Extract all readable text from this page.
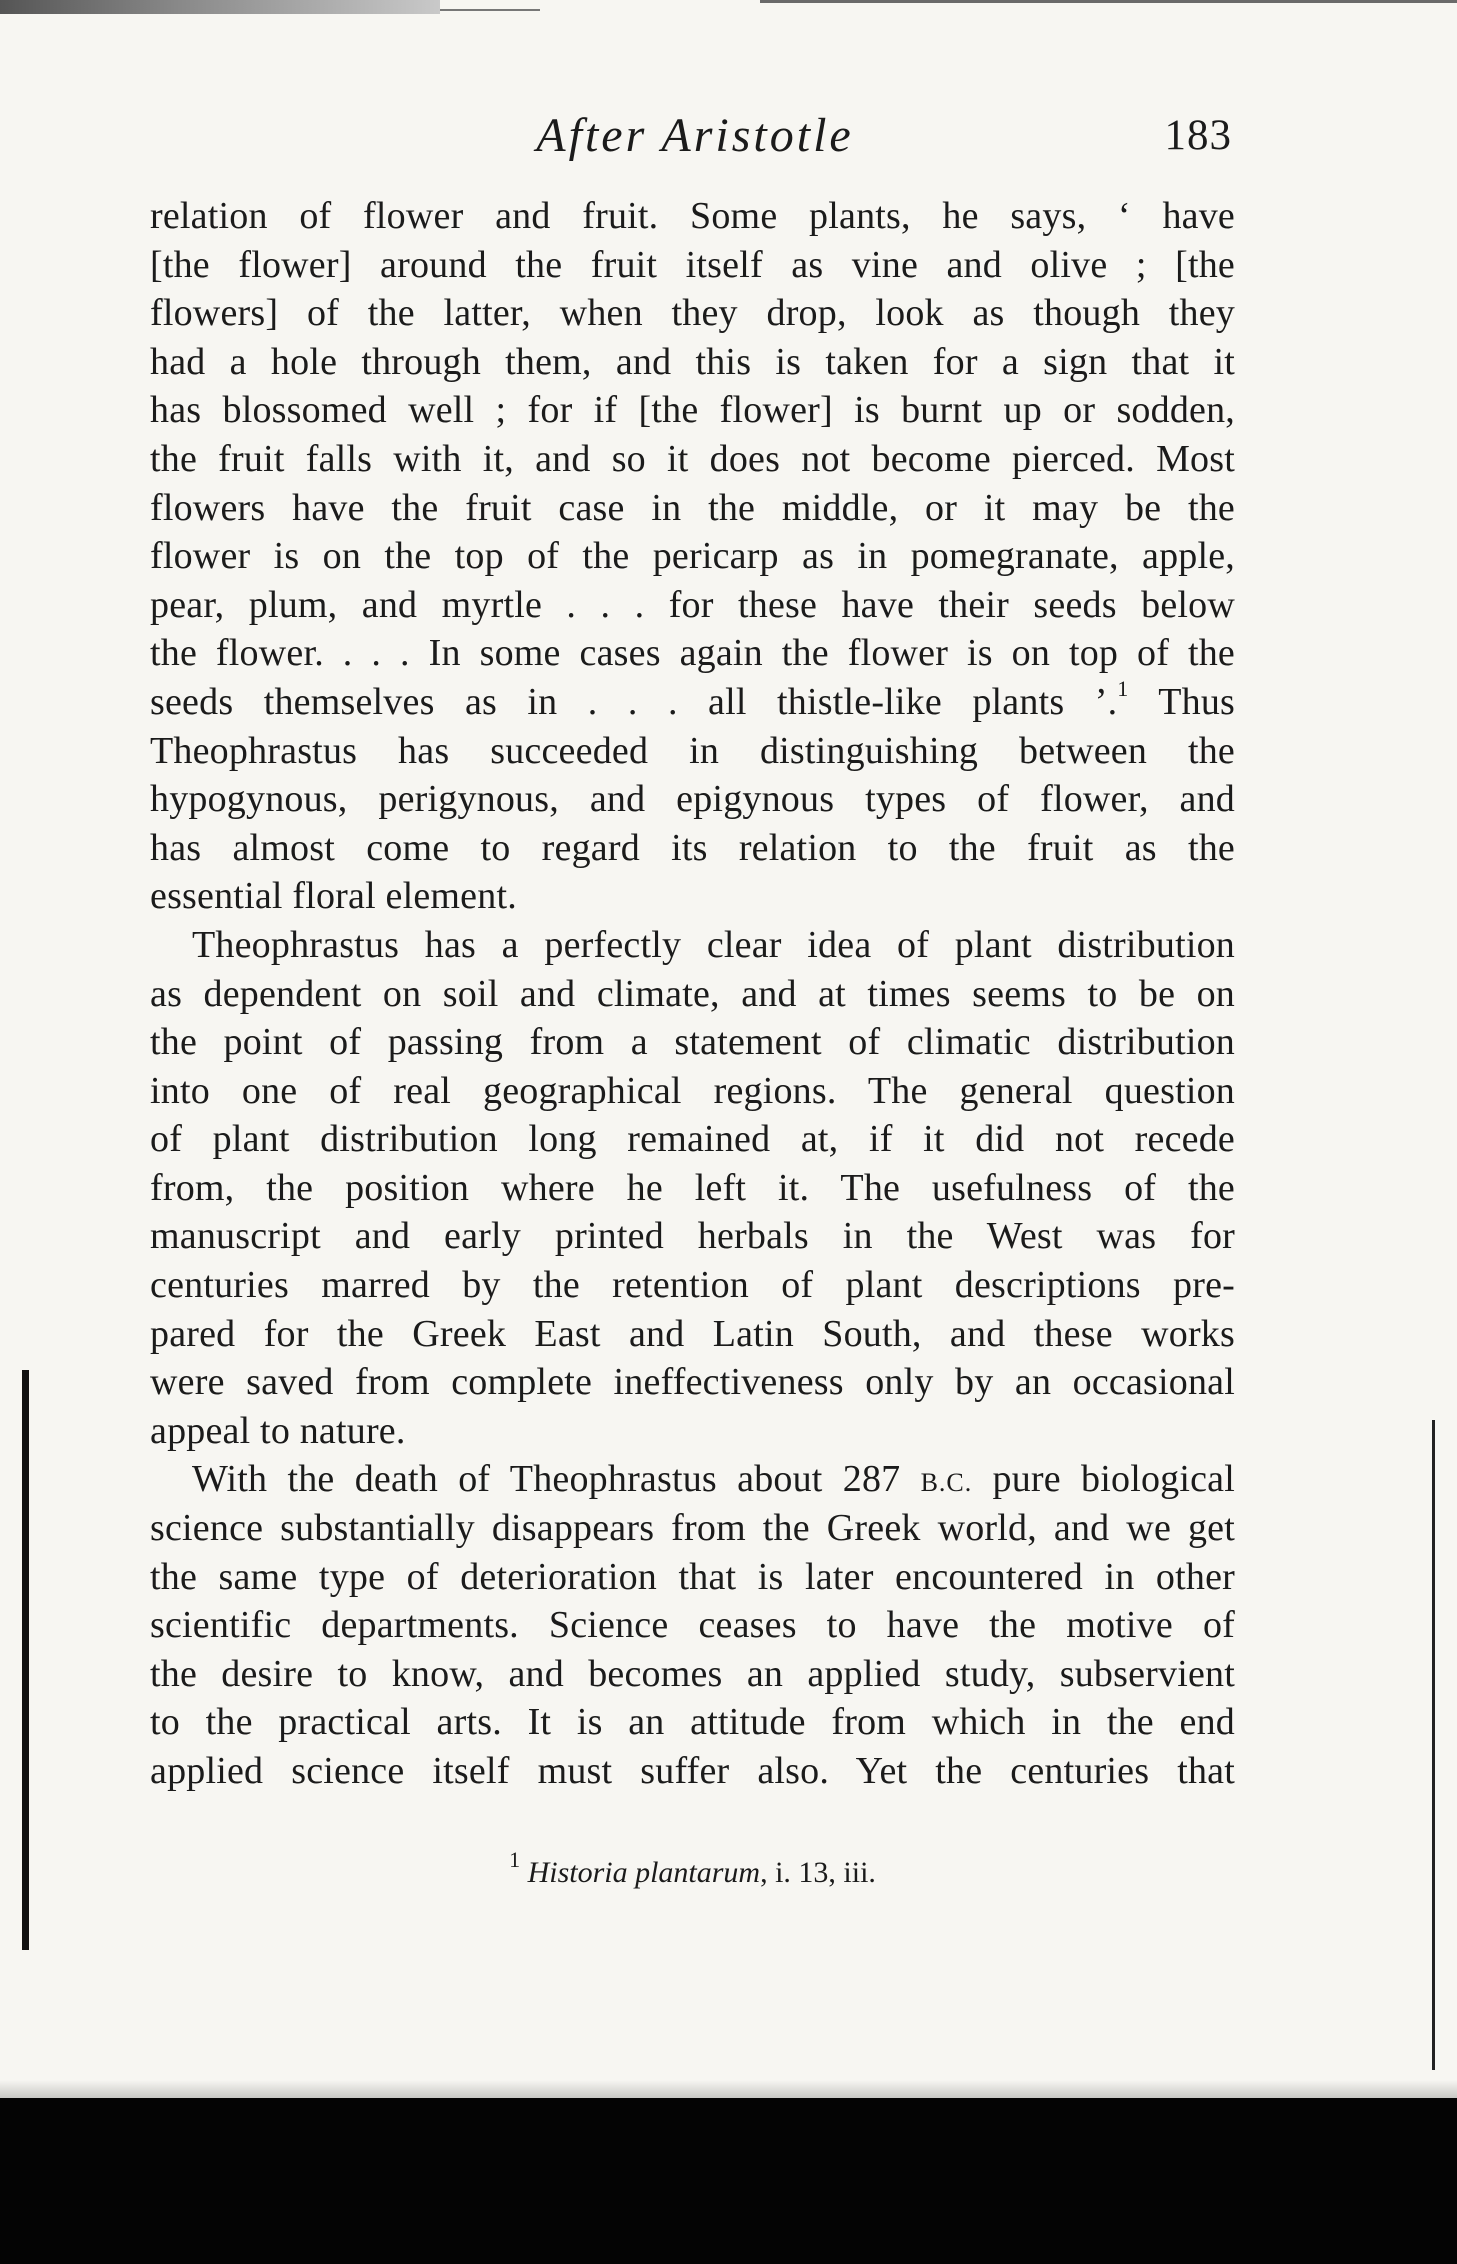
After Aristotle	183
relation of flower and fruit. Some plants, he says, ‘ have
[the flower] around the fruit itself as vine and olive ; [the
flowers] of the latter, when they drop, look as though they
had a hole through them, and this is taken for a sign that it
has blossomed well ; for if [the flower] is burnt up or sodden,
the fruit falls with it, and so it does not become pierced. Most
flowers have the fruit case in the middle, or it may be the
flower is on the top of the pericarp as in pomegranate, apple,
pear, plum, and myrtle . . . for these have their seeds below
the flower. . . . In some cases again the flower is on top of the
seeds themselves as in . . . all thistle-like plants ’.$^1$ Thus
Theophrastus has succeeded in distinguishing between the
hypogynous, perigynous, and epigynous types of flower, and
has almost come to regard its relation to the fruit as the
essential floral element.
Theophrastus has a perfectly clear idea of plant distribution
as dependent on soil and climate, and at times seems to be on
the point of passing from a statement of climatic distribution
into one of real geographical regions. The general question
of plant distribution long remained at, if it did not recede
from, the position where he left it. The usefulness of the
manuscript and early printed herbals in the West was for
centuries marred by the retention of plant descriptions pre-
pared for the Greek East and Latin South, and these works
were saved from complete ineffectiveness only by an occasional
appeal to nature.
With the death of Theophrastus about 287 B.C. pure biological
science substantially disappears from the Greek world, and we get
the same type of deterioration that is later encountered in other
scientific departments. Science ceases to have the motive of
the desire to know, and becomes an applied study, subservient
to the practical arts. It is an attitude from which in the end
applied science itself must suffer also. Yet the centuries that
$^1$ Historia plantarum, i. 13, iii.
